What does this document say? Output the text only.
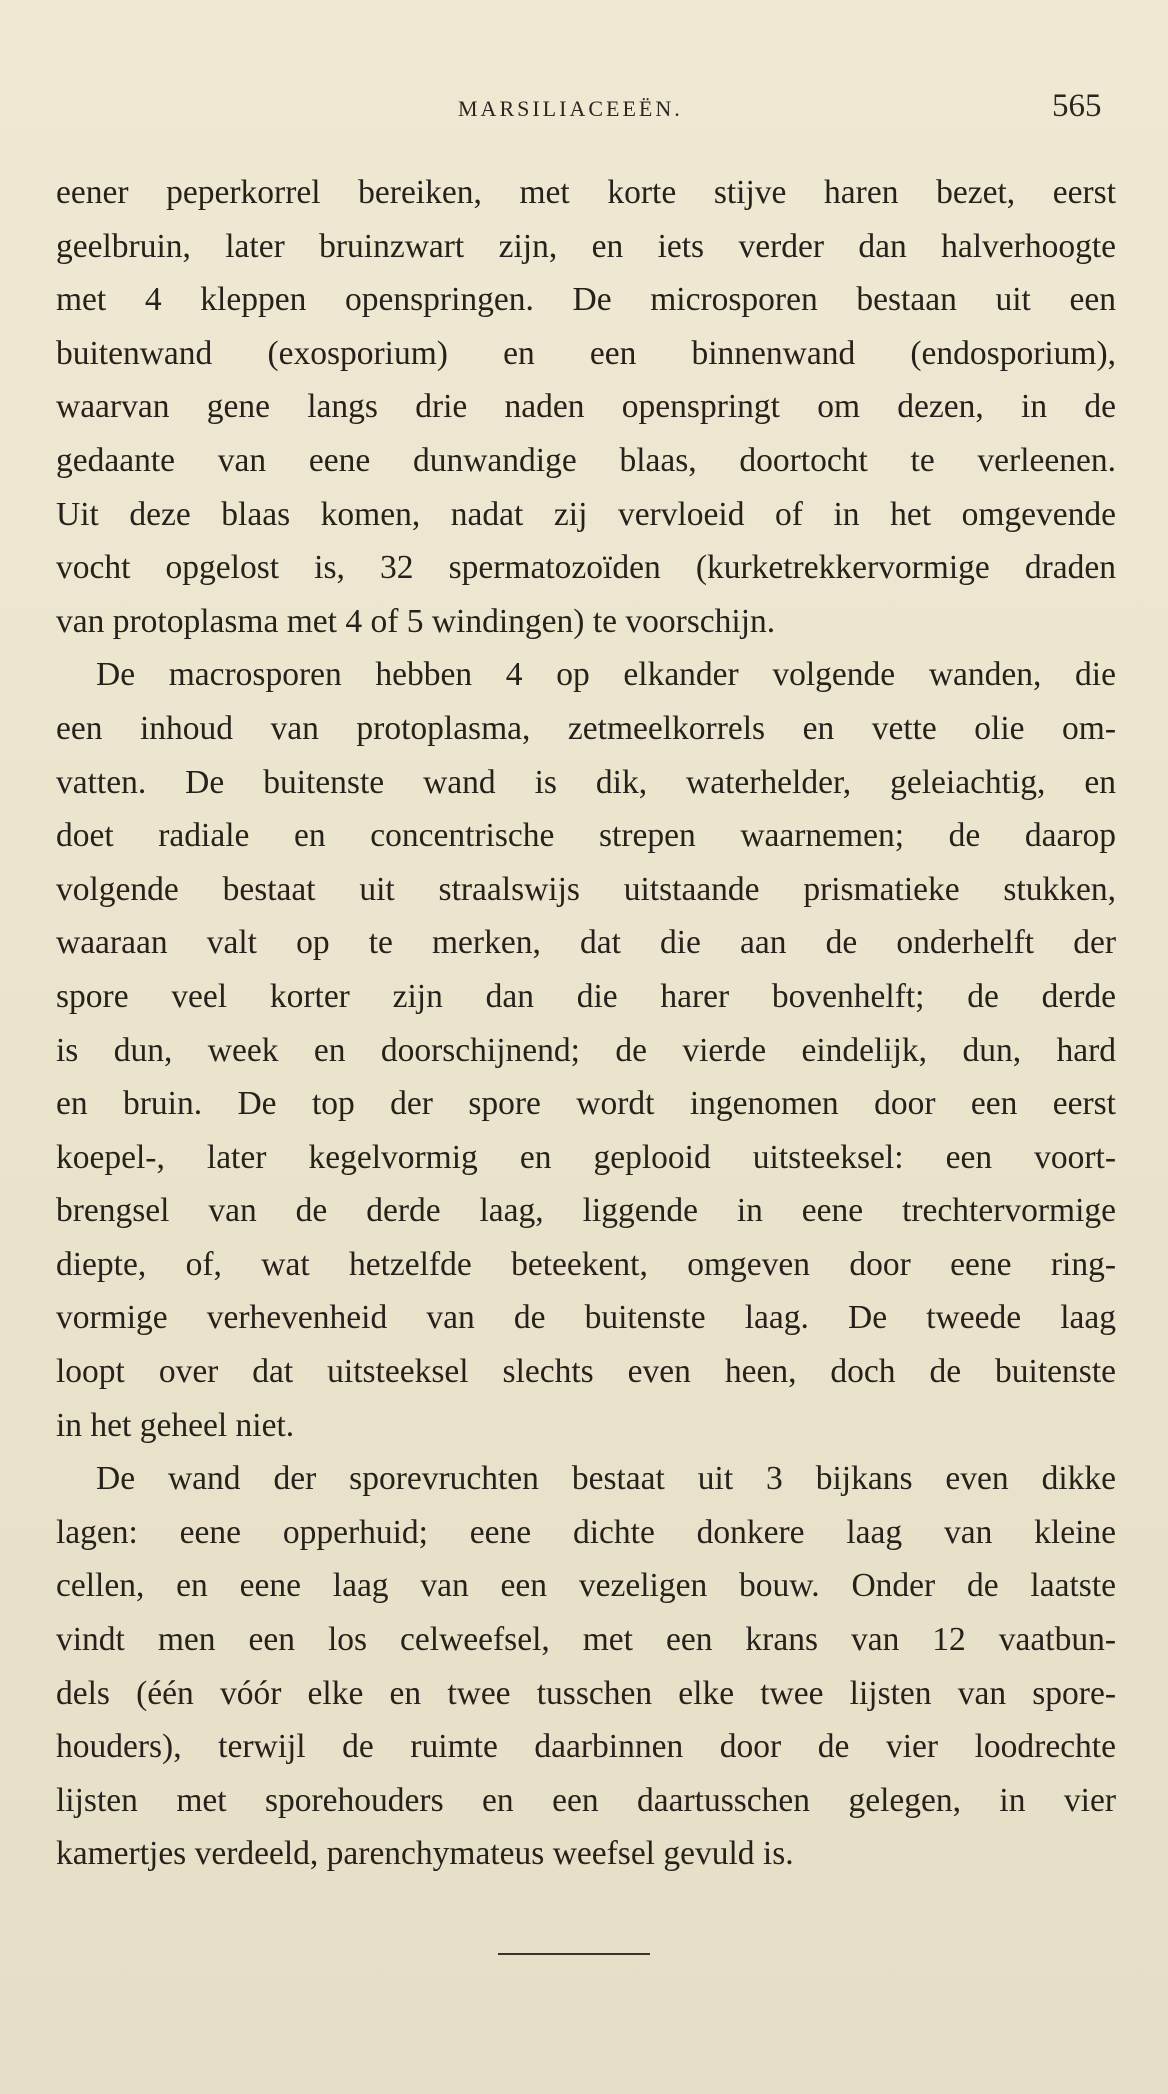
MARSILIACEEËN.	565

eener peperkorrel bereiken, met korte stijve haren bezet, eerst
geelbruin, later bruinzwart zijn, en iets verder dan halverhoogte
met 4 kleppen openspringen. De microsporen bestaan uit een
buitenwand (exosporium) en een binnenwand (endosporium),
waarvan gene langs drie naden openspringt om dezen, in de
gedaante van eene dunwandige blaas, doortocht te verleenen.
Uit deze blaas komen, nadat zij vervloeid of in het omgevende
vocht opgelost is, 32 spermatozoïden (kurketrekkervormige draden
van protoplasma met 4 of 5 windingen) te voorschijn.

De macrosporen hebben 4 op elkander volgende wanden, die
een inhoud van protoplasma, zetmeelkorrels en vette olie om-
vatten. De buitenste wand is dik, waterhelder, geleiachtig, en
doet radiale en concentrische strepen waarnemen; de daarop
volgende bestaat uit straalswijs uitstaande prismatieke stukken,
waaraan valt op te merken, dat die aan de onderhelft der
spore veel korter zijn dan die harer bovenhelft; de derde
is dun, week en doorschijnend; de vierde eindelijk, dun, hard
en bruin. De top der spore wordt ingenomen door een eerst
koepel-, later kegelvormig en geplooid uitsteeksel: een voort-
brengsel van de derde laag, liggende in eene trechtervormige
diepte, of, wat hetzelfde beteekent, omgeven door eene ring-
vormige verhevenheid van de buitenste laag. De tweede laag
loopt over dat uitsteeksel slechts even heen, doch de buitenste
in het geheel niet.

De wand der sporevruchten bestaat uit 3 bijkans even dikke
lagen: eene opperhuid; eene dichte donkere laag van kleine
cellen, en eene laag van een vezeligen bouw. Onder de laatste
vindt men een los celweefsel, met een krans van 12 vaatbun-
dels (één vóór elke en twee tusschen elke twee lijsten van spore-
houders), terwijl de ruimte daarbinnen door de vier loodrechte
lijsten met sporehouders en een daartusschen gelegen, in vier
kamertjes verdeeld, parenchymateus weefsel gevuld is.
